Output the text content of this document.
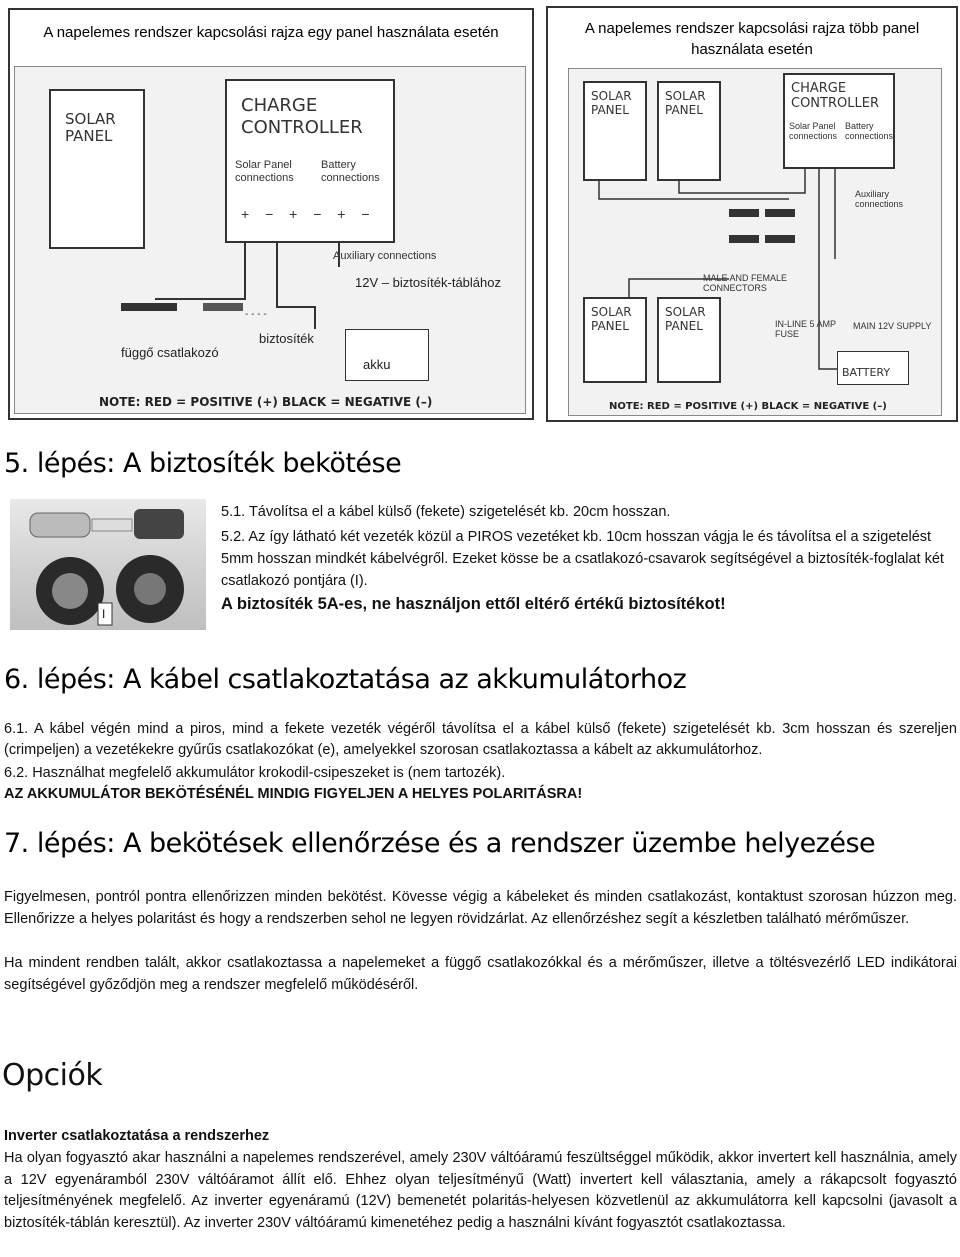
A napelemes rendszer kapcsolási rajza egy panel használata esetén
SOLAR PANEL
CHARGE CONTROLLER
Solar Panel connections
Battery connections
+ − + − + −
Auxiliary connections
12V – biztosíték-táblához
függő csatlakozó
biztosíték
akku
- - - -
NOTE: RED = POSITIVE (+) BLACK = NEGATIVE (–)
A napelemes rendszer kapcsolási rajza több panel használata esetén
SOLAR PANEL
SOLAR PANEL
CHARGE CONTROLLER
Solar Panel connections
Battery connections
Auxiliary connections
MALE AND FEMALE CONNECTORS
SOLAR PANEL
SOLAR PANEL	IN-LINE 5 AMP FUSE
MAIN 12V SUPPLY
BATTERY
NOTE: RED = POSITIVE (+) BLACK = NEGATIVE (–)
5. lépés: A biztosíték bekötése
I
5.1. Távolítsa el a kábel külső (fekete) szigetelését kb. 20cm hosszan.
5.2. Az így látható két vezeték közül a PIROS vezetéket kb. 10cm hosszan vágja le és távolítsa el a szigetelést 5mm hosszan mindkét kábelvégről. Ezeket kösse be a csatlakozó-csavarok segítségével a biztosíték-foglalat két csatlakozó pontjára (I).
A biztosíték 5A-es, ne használjon ettől eltérő értékű biztosítékot!
6. lépés: A kábel csatlakoztatása az akkumulátorhoz
6.1. A kábel végén mind a piros, mind a fekete vezeték végéről távolítsa el a kábel külső (fekete) szigetelését kb. 3cm hosszan és szereljen (crimpeljen) a vezetékekre gyűrűs csatlakozókat (e), amelyekkel szorosan csatlakoztassa a kábelt az akkumulátorhoz.
6.2. Használhat megfelelő akkumulátor krokodil-csipeszeket is (nem tartozék).
AZ AKKUMULÁTOR BEKÖTÉSÉNÉL MINDIG FIGYELJEN A HELYES POLARITÁSRA!
7. lépés: A bekötések ellenőrzése és a rendszer üzembe helyezése
Figyelmesen, pontról pontra ellenőrizzen minden bekötést. Kövesse végig a kábeleket és minden csatlakozást, kontaktust szorosan húzzon meg. Ellenőrizze a helyes polaritást és hogy a rendszerben sehol ne legyen rövidzárlat. Az ellenőrzéshez segít a készletben található mérőműszer.
Ha mindent rendben talált, akkor csatlakoztassa a napelemeket a függő csatlakozókkal és a mérőműszer, illetve a töltésvezérlő LED indikátorai segítségével győződjön meg a rendszer megfelelő működéséről.
Opciók
Inverter csatlakoztatása a rendszerhez
Ha olyan fogyasztó akar használni a napelemes rendszerével, amely 230V váltóáramú feszültséggel működik, akkor invertert kell használnia, amely a 12V egyenáramból 230V váltóáramot állít elő. Ehhez olyan teljesítményű (Watt) invertert kell választania, amely a rákapcsolt fogyasztó teljesítményének megfelelő. Az inverter egyenáramú (12V) bemenetét polaritás-helyesen közvetlenül az akkumulátorra kell kapcsolni (javasolt a biztosíték-táblán keresztül). Az inverter 230V váltóáramú kimenetéhez pedig a használni kívánt fogyasztót csatlakoztassa.
